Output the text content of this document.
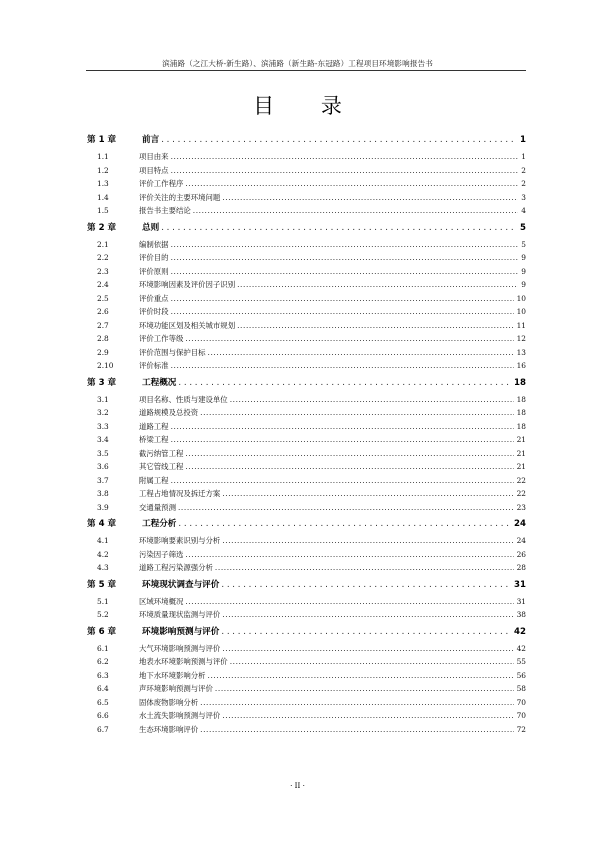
滨浦路（之江大桥-新生路）、滨浦路（新生路-东冠路）工程项目环境影响报告书
目 录
第 1 章	前言 . . .	1
1.1	项目由来 .....	1
1.2	项目特点 .....	2
1.3	评价工作程序 .....	2
1.4	评价关注的主要环境问题 .....	3
1.5	报告书主要结论 .....	4
第 2 章	总则 . . .	5
2.1	编制依据 .....	5
2.2	评价目的 .....	9
2.3	评价原则 .....	9
2.4	环境影响因素及评价因子识别 .....	9
2.5	评价重点 .....	10
2.6	评价时段 .....	10
2.7	环境功能区划及相关城市规划 .....	11
2.8	评价工作等级 .....	12
2.9	评价范围与保护目标 .....	13
2.10	评价标准 .....	16
第 3 章	工程概况 . . .	18
3.1	项目名称、性质与建设单位 .....	18
3.2	道路规模及总投资 .....	18
3.3	道路工程 .....	18
3.4	桥梁工程 .....	21
3.5	截污纳管工程 .....	21
3.6	其它管线工程 .....	21
3.7	附属工程 .....	22
3.8	工程占地情况及拆迁方案 .....	22
3.9	交通量预测 .....	23
第 4 章	工程分析 . . .	24
4.1	环境影响要素识别与分析 .....	24
4.2	污染因子筛选 .....	26
4.3	道路工程污染源强分析 .....	28
第 5 章	环境现状调查与评价 . . .	31
5.1	区域环境概况 .....	31
5.2	环境质量现状监测与评价 .....	38
第 6 章	环境影响预测与评价 . . .	42
6.1	大气环境影响预测与评价 .....	42
6.2	地表水环境影响预测与评价 .....	55
6.3	地下水环境影响分析 .....	56
6.4	声环境影响预测与评价 .....	58
6.5	固体废物影响分析 .....	70
6.6	水土流失影响预测与评价 .....	70
6.7	生态环境影响评价 .....	72
· II ·
